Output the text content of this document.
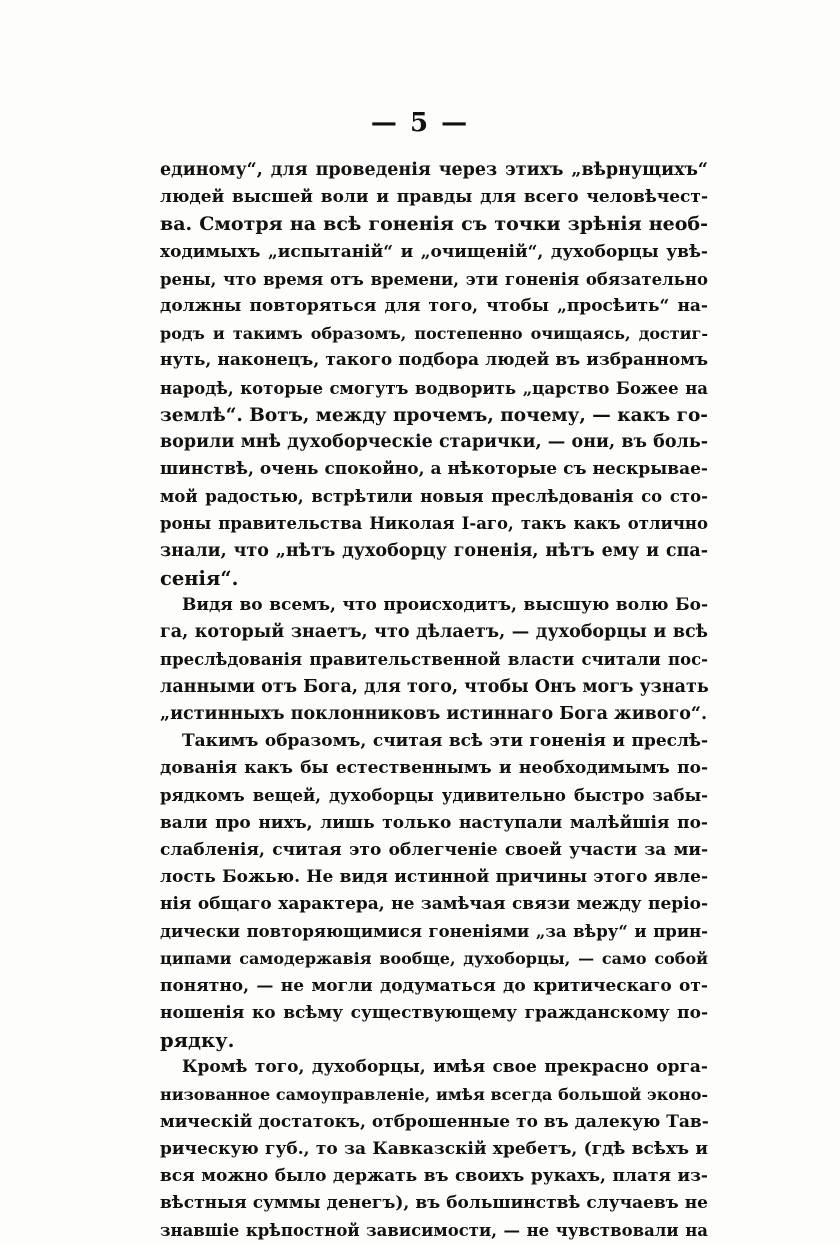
— 5 —
единому“, для проведенія через этихъ „вѣрнущихъ“
людей высшей воли и правды для всего человѣчест-
ва. Смотря на всѣ гоненія съ точки зрѣнія необ-
ходимыхъ „испытаній“ и „очищеній“, духоборцы увѣ-
рены, что время отъ времени, эти гоненія обязательно
должны повторяться для того, чтобы „просѣить“ на-
родъ и такимъ образомъ, постепенно очищаясь, достиг-
нуть, наконецъ, такого подбора людей въ избранномъ
народѣ, которые смогутъ водворить „царство Божее на
землѣ“. Вотъ, между прочемъ, почему, — какъ го-
ворили мнѣ духоборческіе старички, — они, въ боль-
шинствѣ, очень спокойно, а нѣкоторые съ нескрывае-
мой радостью, встрѣтили новыя преслѣдованія со сто-
роны правительства Николая I-аго, такъ какъ отлично
знали, что „нѣтъ духоборцу гоненія, нѣтъ ему и спа-
сенія“.
Видя во всемъ, что происходитъ, высшую волю Бо-
га, который знаетъ, что дѣлаетъ, — духоборцы и всѣ
преслѣдованія правительственной власти считали пос-
ланными отъ Бога, для того, чтобы Онъ могъ узнать
„истинныхъ поклонниковъ истиннаго Бога живого“.
Такимъ образомъ, считая всѣ эти гоненія и преслѣ-
дованія какъ бы естественнымъ и необходимымъ по-
рядкомъ вещей, духоборцы удивительно быстро забы-
вали про нихъ, лишь только наступали малѣйшія по-
слабленія, считая это облегченіе своей участи за ми-
лость Божью. Не видя истинной причины этого явле-
нія общаго характера, не замѣчая связи между періо-
дически повторяющимися гоненіями „за вѣру“ и прин-
ципами самодержавія вообще, духоборцы, — само собой
понятно, — не могли додуматься до критическаго от-
ношенія ко всѣму существующему гражданскому по-
рядку.
Кромѣ того, духоборцы, имѣя свое прекрасно орга-
низованное самоуправленіе, имѣя всегда большой эконо-
мическій достатокъ, отброшенные то въ далекую Тав-
рическую губ., то за Кавказскій хребетъ, (гдѣ всѣхъ и
вся можно было держать въ своихъ рукахъ, платя из-
вѣстныя суммы денегъ), въ большинствѣ случаевъ не
знавшіе крѣпостной зависимости, — не чувствовали на
